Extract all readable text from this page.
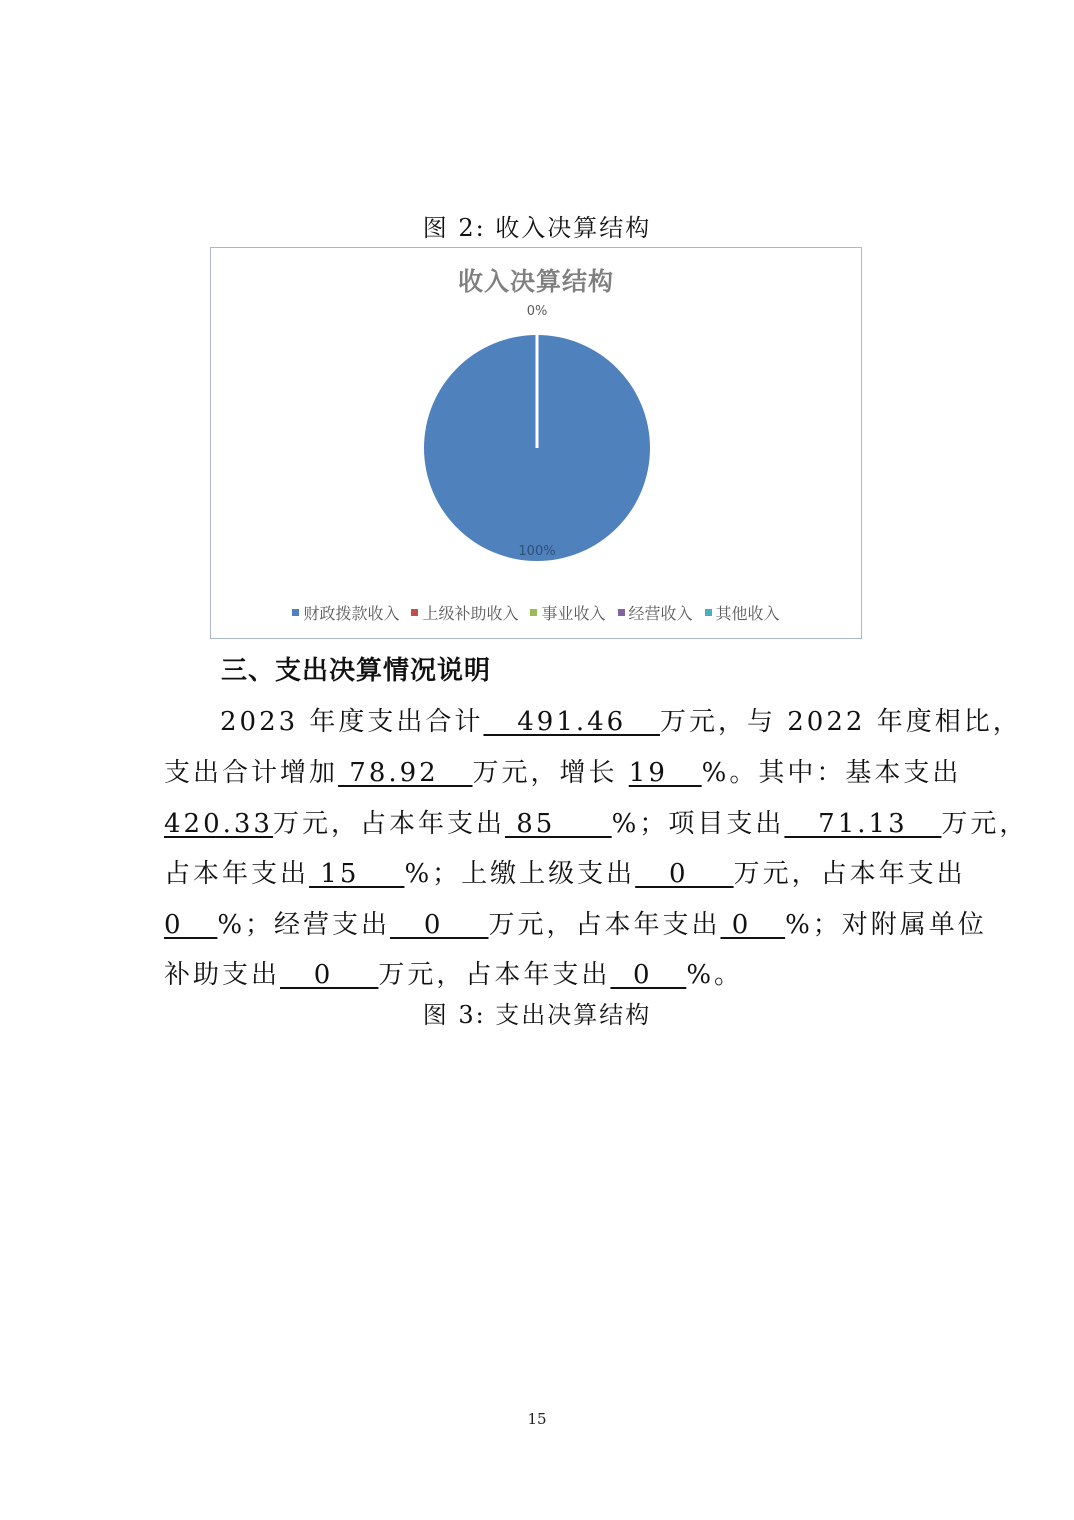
图 2: 收入决算结构
收入决算结构
100%
0%
财政拨款收入 上级补助收入 事业收入 经营收入 其他收入
三、支出决算情况说明
2023 年度支出合计   491.46   万元，与 2022 年度相比，
支出合计增加 78.92   万元，增长 19   %。其中：基本支出
420.33万元，占本年支出 85     %；项目支出   71.13   万元，
占本年支出 15    %；上缴上级支出   0    万元，占本年支出
0   %；经营支出   0    万元，占本年支出 0   %；对附属单位
补助支出   0    万元，占本年支出  0   %。
图 3: 支出决算结构
15
